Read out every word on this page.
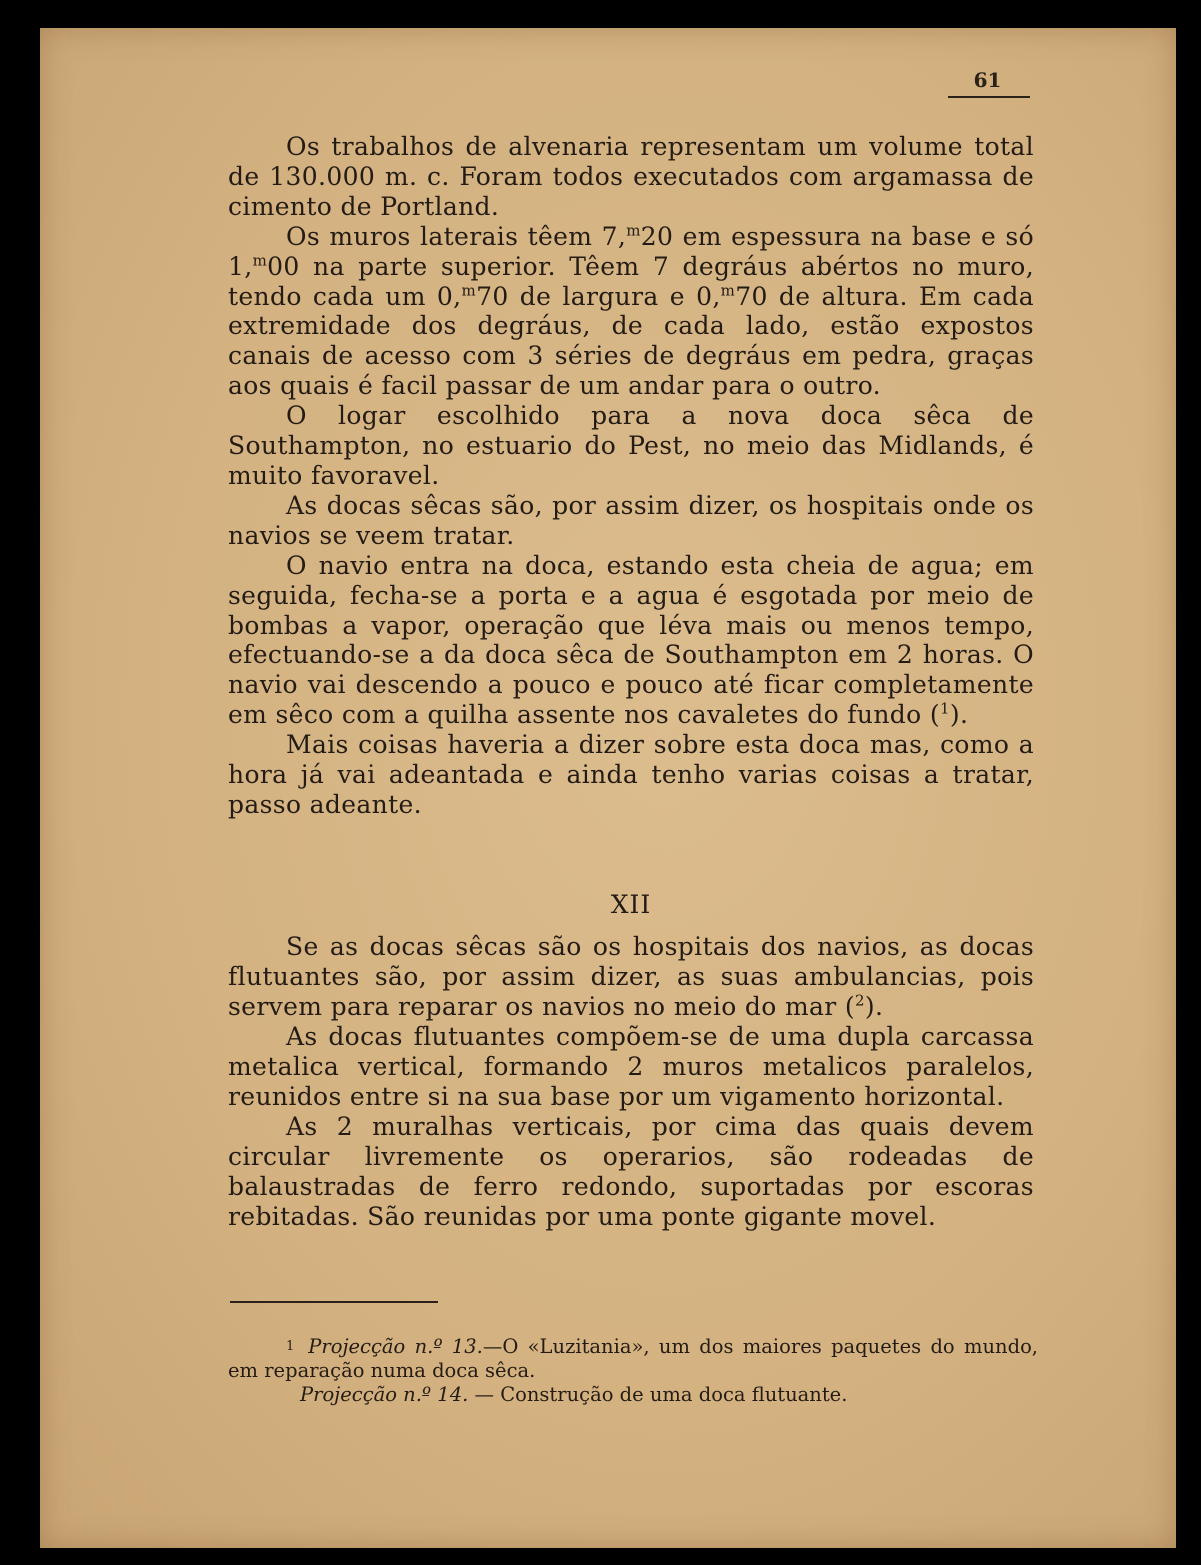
61

Os trabalhos de alvenaria representam um volume total de 130.000 m. c. Foram todos executados com argamassa de cimento de Portland.

Os muros laterais têem 7,$^m$20 em espessura na base e só 1,$^m$00 na parte superior. Têem 7 degráus abértos no muro, tendo cada um 0,$^m$70 de largura e 0,$^m$70 de altura. Em cada extremidade dos degráus, de cada lado, estão expostos canais de acesso com 3 séries de degráus em pedra, graças aos quais é facil passar de um andar para o outro.

O logar escolhido para a nova doca sêca de Southampton, no estuario do Pest, no meio das Midlands, é muito favoravel.

As docas sêcas são, por assim dizer, os hospitais onde os navios se veem tratar.

O navio entra na doca, estando esta cheia de agua; em seguida, fecha-se a porta e a agua é esgotada por meio de bombas a vapor, operação que léva mais ou menos tempo, efectuando-se a da doca sêca de Southampton em 2 horas. O navio vai descendo a pouco e pouco até ficar completamente em sêco com a quilha assente nos cavaletes do fundo ($^1$).

Mais coisas haveria a dizer sobre esta doca mas, como a hora já vai adeantada e ainda tenho varias coisas a tratar, passo adeante.

XII

Se as docas sêcas são os hospitais dos navios, as docas flutuantes são, por assim dizer, as suas ambulancias, pois servem para reparar os navios no meio do mar ($^2$).

As docas flutuantes compõem-se de uma dupla carcassa metalica vertical, formando 2 muros metalicos paralelos, reunidos entre si na sua base por um vigamento horizontal.

As 2 muralhas verticais, por cima das quais devem circular livremente os operarios, são rodeadas de balaustradas de ferro redondo, suportadas por escoras rebitadas. São reunidas por uma ponte gigante movel.

$^1$ Projecção n.º 13.—O «Luzitania», um dos maiores paquetes do mundo, em reparação numa doca sêca.

Projecção n.º 14. — Construção de uma doca flutuante.
